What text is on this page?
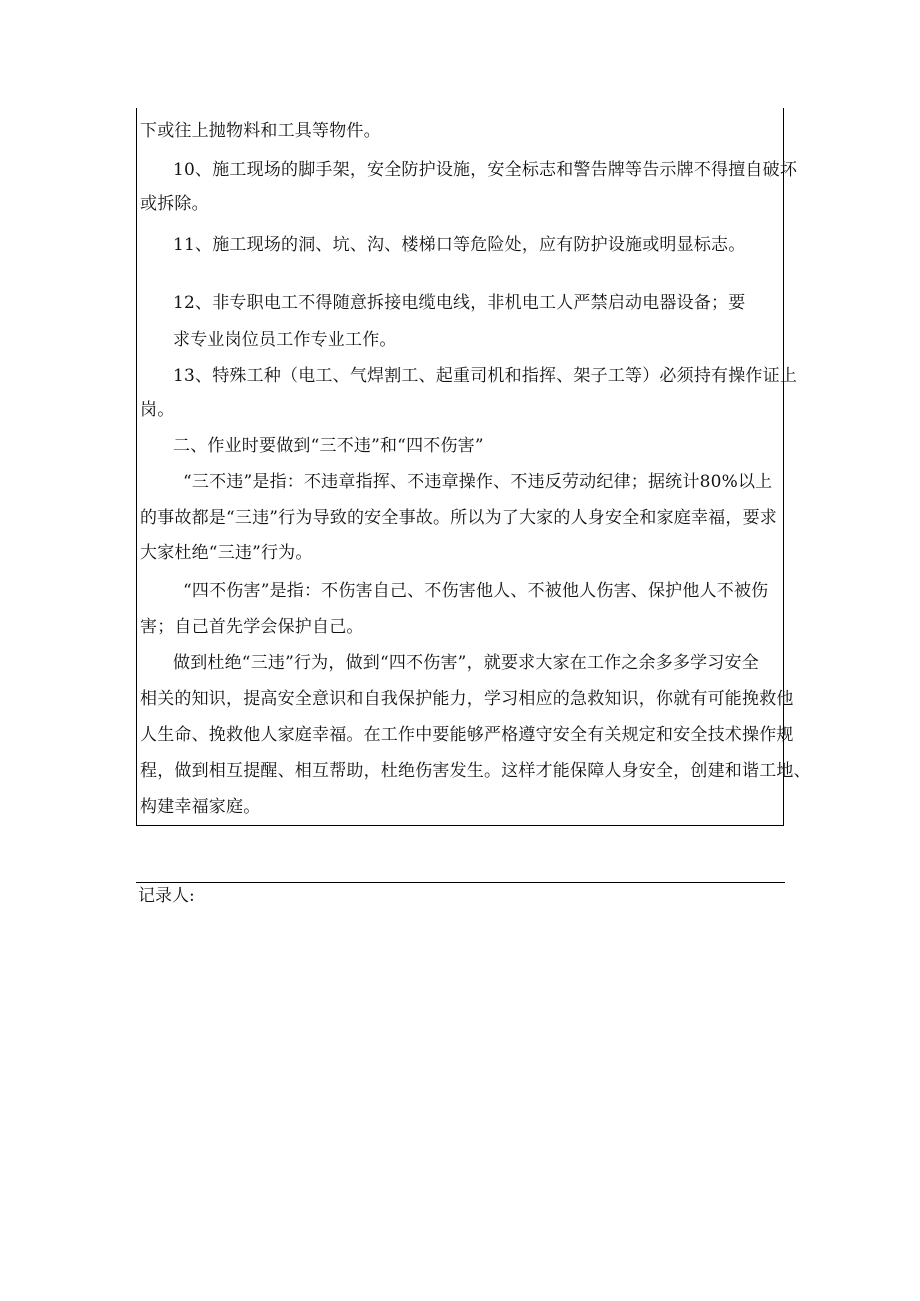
下或往上抛物料和工具等物件。

10、施工现场的脚手架，安全防护设施，安全标志和警告牌等告示牌不得擅自破坏

或拆除。

11、施工现场的洞、坑、沟、楼梯口等危险处，应有防护设施或明显标志。

12、非专职电工不得随意拆接电缆电线，非机电工人严禁启动电器设备；要

求专业岗位员工作专业工作。

13、特殊工种（电工、气焊割工、起重司机和指挥、架子工等）必须持有操作证上

岗。

二、作业时要做到“三不违”和“四不伤害”

“三不违”是指：不违章指挥、不违章操作、不违反劳动纪律；据统计80%以上

的事故都是“三违”行为导致的安全事故。所以为了大家的人身安全和家庭幸福，要求

大家杜绝“三违”行为。

“四不伤害”是指：不伤害自己、不伤害他人、不被他人伤害、保护他人不被伤

害；自己首先学会保护自己。

做到杜绝“三违”行为，做到“四不伤害”，就要求大家在工作之余多多学习安全

相关的知识，提高安全意识和自我保护能力，学习相应的急救知识，你就有可能挽救他

人生命、挽救他人家庭幸福。在工作中要能够严格遵守安全有关规定和安全技术操作规

程，做到相互提醒、相互帮助，杜绝伤害发生。这样才能保障人身安全，创建和谐工地、

构建幸福家庭。

记录人:
